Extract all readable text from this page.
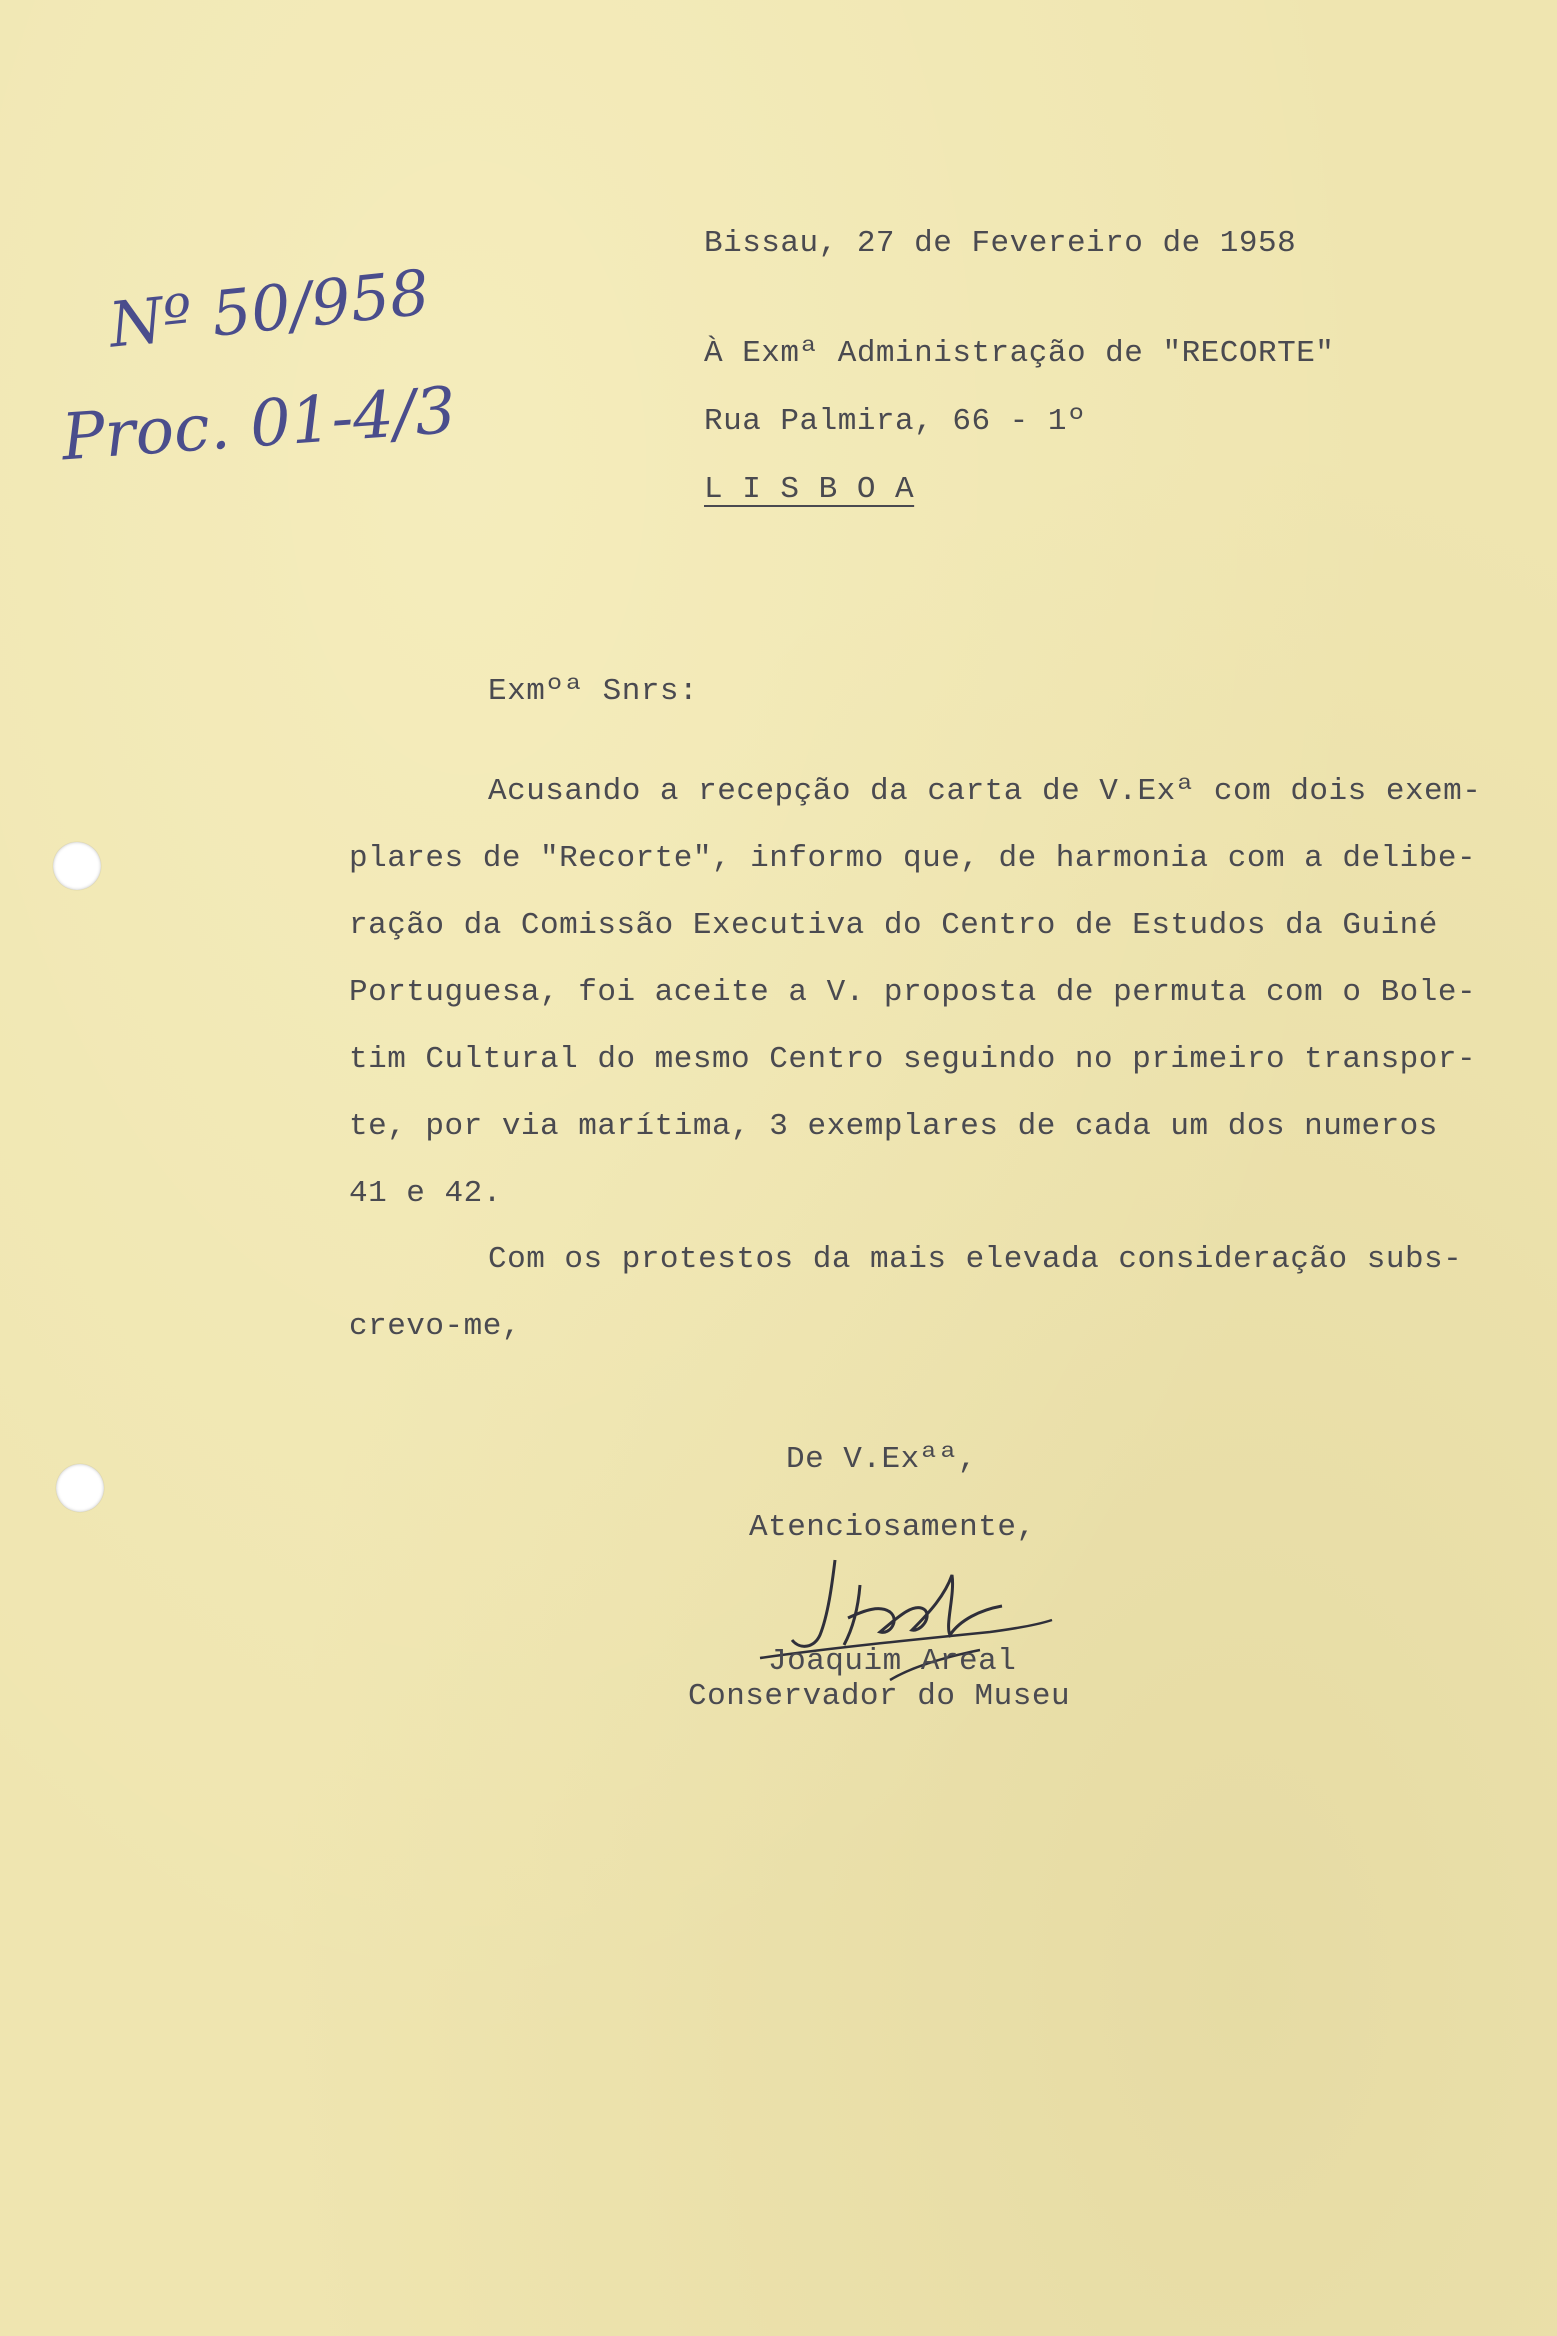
Nº 50/958
Proc. 01-4/3
Bissau, 27 de Fevereiro de 1958
À Exmª Administração de "RECORTE"
Rua Palmira, 66 - 1º
L I S B O A
Exmºª Snrs:
Acusando a recepção da carta de V.Exª com dois exem-
plares de "Recorte", informo que, de harmonia com a delibe-
ração da Comissão Executiva do Centro de Estudos da Guiné
Portuguesa, foi aceite a V. proposta de permuta com o Bole-
tim Cultural do mesmo Centro seguindo no primeiro transpor-
te, por via marítima, 3 exemplares de cada um dos numeros
41 e 42.
Com os protestos da mais elevada consideração subs-
crevo-me,
De V.Exªª,
Atenciosamente,
Joaquim Areal
Conservador do Museu
